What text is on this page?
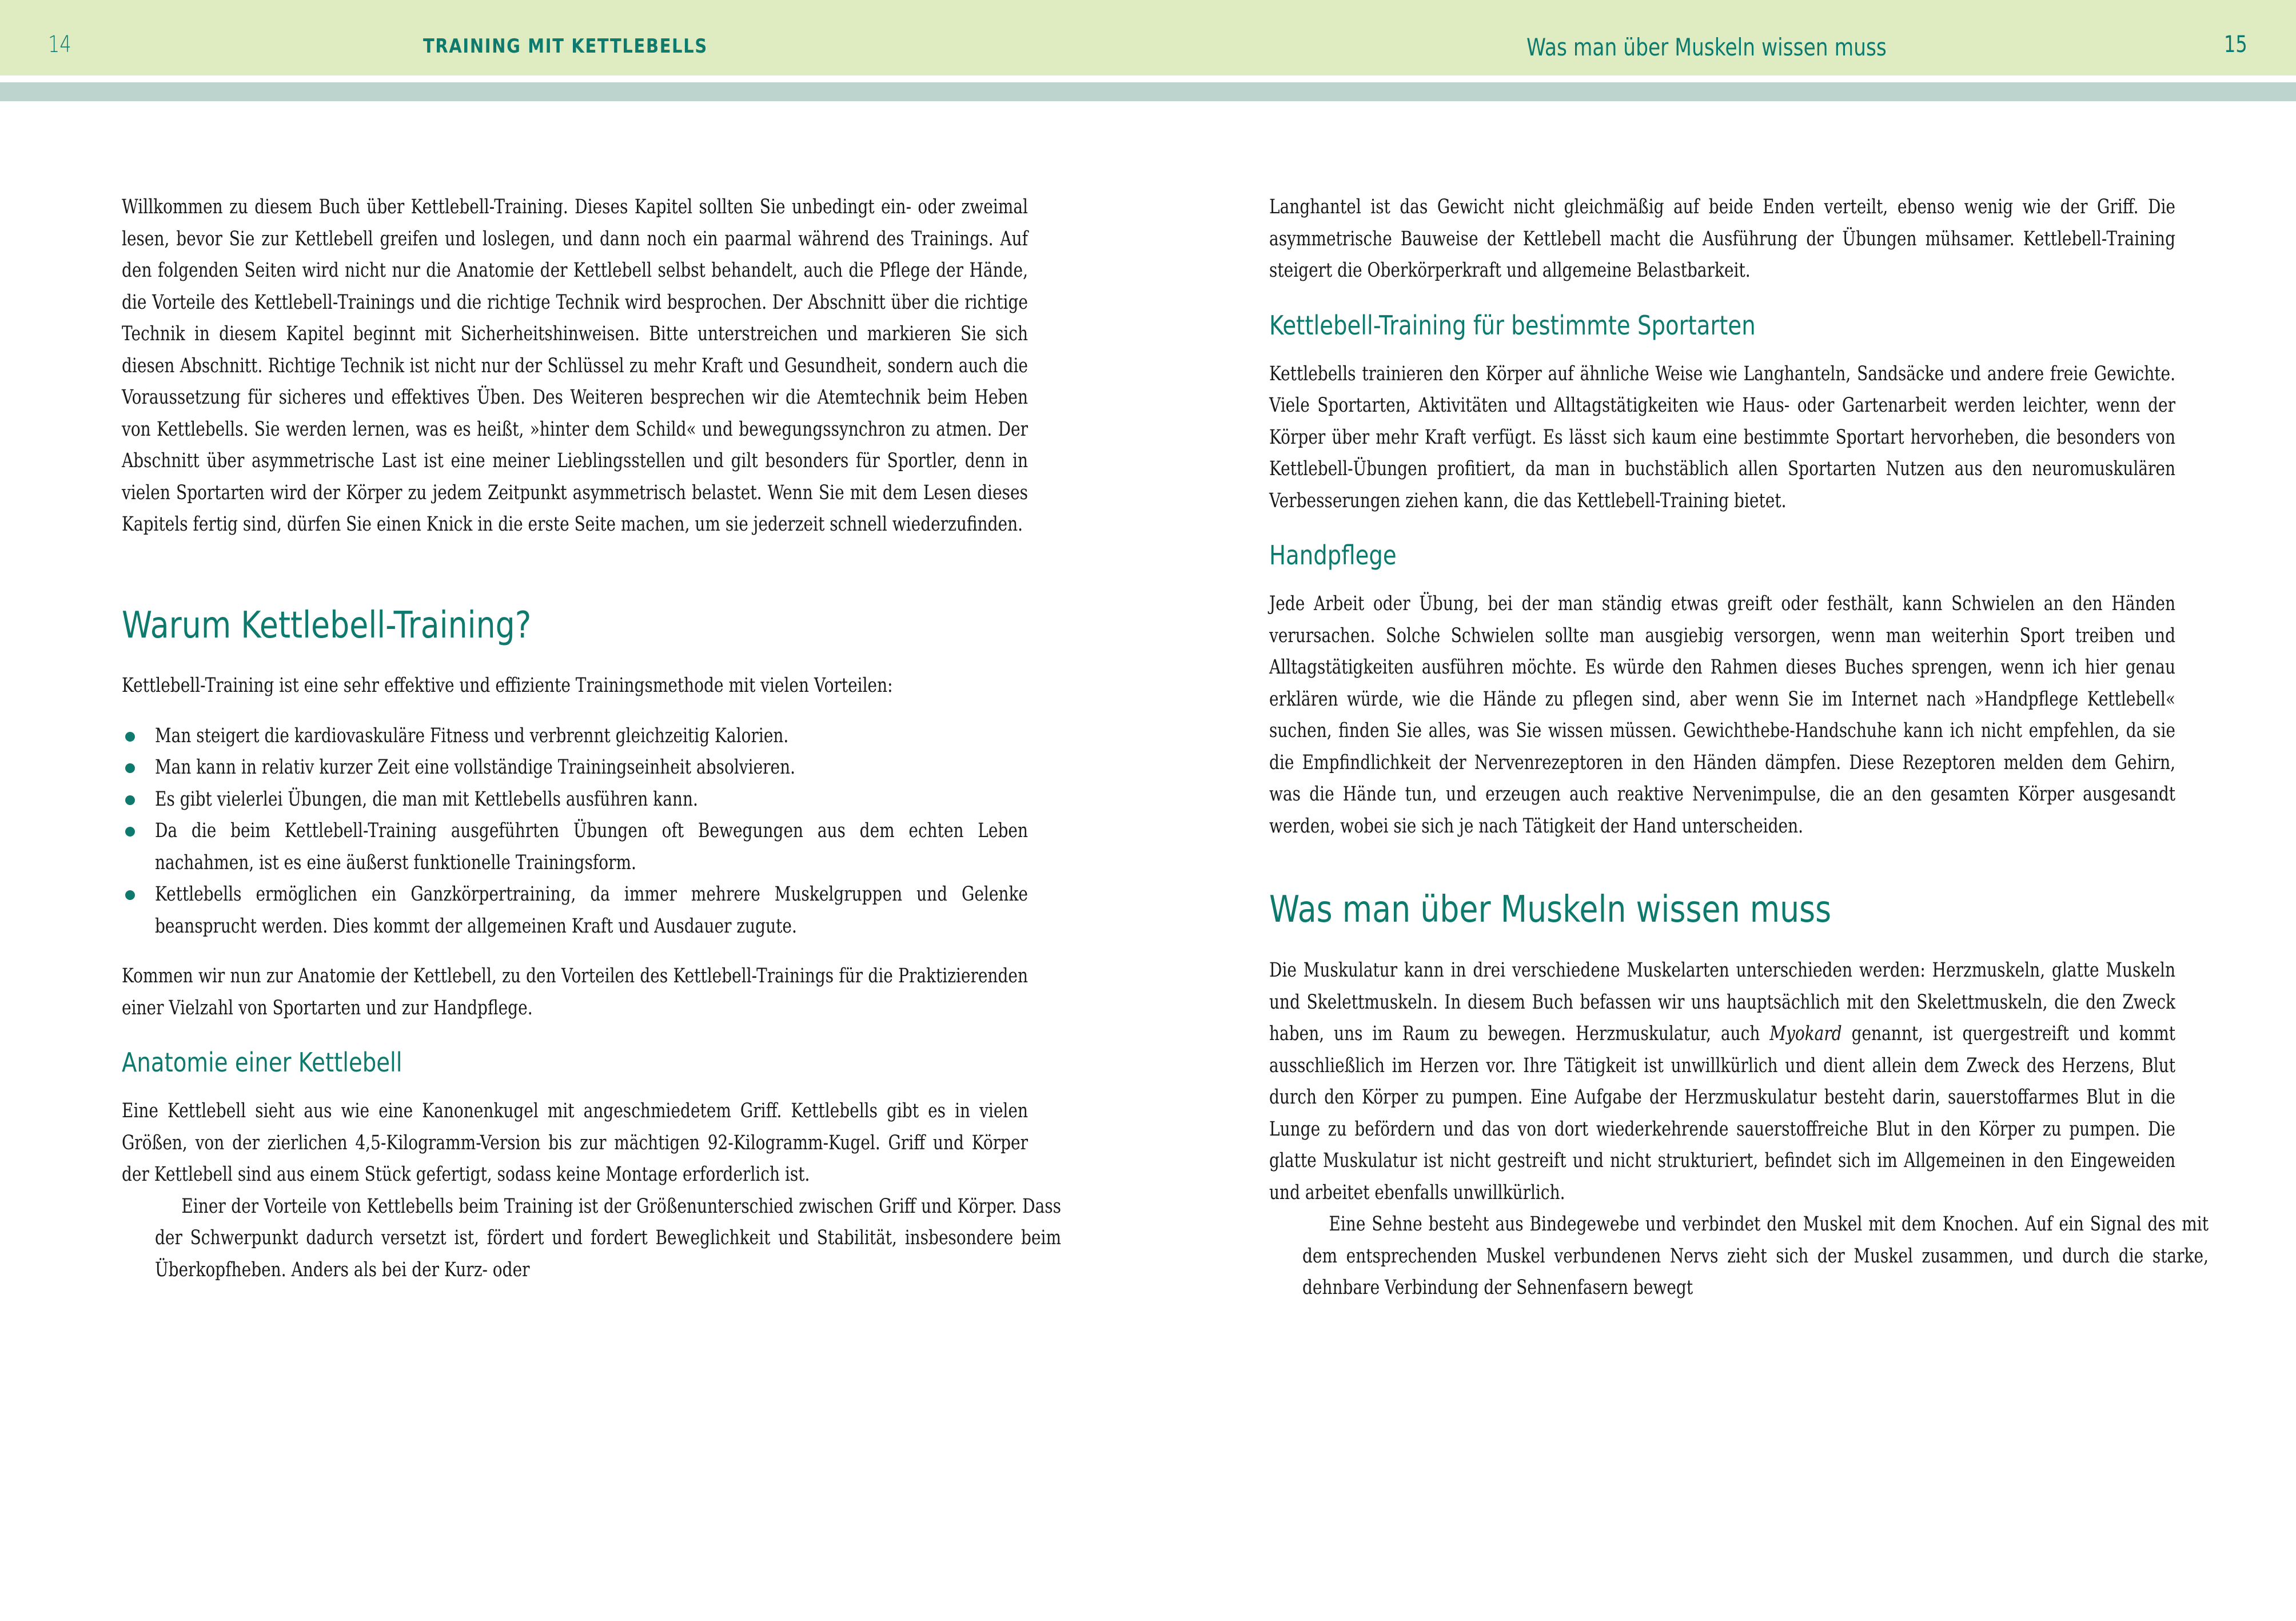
14	TRAINING MIT KETTLEBELLS	Was man über Muskeln wissen muss	15

Willkommen zu diesem Buch über Kettlebell-Training. Dieses Kapitel sollten Sie unbedingt ein- oder zweimal lesen, bevor Sie zur Kettlebell greifen und loslegen, und dann noch ein paarmal während des Trainings. Auf den folgenden Seiten wird nicht nur die Anatomie der Kettlebell selbst behandelt, auch die Pflege der Hände, die Vorteile des Kettlebell-Trainings und die richtige Technik wird besprochen. Der Abschnitt über die richtige Technik in diesem Kapitel beginnt mit Sicherheitshinweisen. Bitte unterstreichen und markieren Sie sich diesen Abschnitt. Richtige Technik ist nicht nur der Schlüssel zu mehr Kraft und Gesundheit, sondern auch die Voraussetzung für sicheres und effektives Üben. Des Weiteren besprechen wir die Atemtechnik beim Heben von Kettlebells. Sie werden lernen, was es heißt, »hinter dem Schild« und bewegungssynchron zu atmen. Der Abschnitt über asymmetrische Last ist eine meiner Lieblingsstellen und gilt besonders für Sportler, denn in vielen Sportarten wird der Körper zu jedem Zeitpunkt asymmetrisch belastet. Wenn Sie mit dem Lesen dieses Kapitels fertig sind, dürfen Sie einen Knick in die erste Seite machen, um sie jederzeit schnell wiederzufinden.

Warum Kettlebell-Training?

Kettlebell-Training ist eine sehr effektive und effiziente Trainingsmethode mit vielen Vorteilen:

Man steigert die kardiovaskuläre Fitness und verbrennt gleichzeitig Kalorien.

Man kann in relativ kurzer Zeit eine vollständige Trainingseinheit absolvieren.

Es gibt vielerlei Übungen, die man mit Kettlebells ausführen kann.

Da die beim Kettlebell-Training ausgeführten Übungen oft Bewegungen aus dem echten Leben nachahmen, ist es eine äußerst funktionelle Trainingsform.

Kettlebells ermöglichen ein Ganzkörpertraining, da immer mehrere Muskelgruppen und Gelenke beansprucht werden. Dies kommt der allgemeinen Kraft und Ausdauer zugute.

Kommen wir nun zur Anatomie der Kettlebell, zu den Vorteilen des Kettlebell-Trainings für die Praktizierenden einer Vielzahl von Sportarten und zur Handpflege.

Anatomie einer Kettlebell

Eine Kettlebell sieht aus wie eine Kanonenkugel mit angeschmiedetem Griff. Kettlebells gibt es in vielen Größen, von der zierlichen 4,5-Kilogramm-Version bis zur mächtigen 92-Kilogramm-Kugel. Griff und Körper der Kettlebell sind aus einem Stück gefertigt, sodass keine Montage erforderlich ist.

Einer der Vorteile von Kettlebells beim Training ist der Größenunterschied zwischen Griff und Körper. Dass der Schwerpunkt dadurch versetzt ist, fördert und fordert Beweglichkeit und Stabilität, insbesondere beim Überkopfheben. Anders als bei der Kurz- oder

Langhantel ist das Gewicht nicht gleichmäßig auf beide Enden verteilt, ebenso wenig wie der Griff. Die asymmetrische Bauweise der Kettlebell macht die Ausführung der Übungen mühsamer. Kettlebell-Training steigert die Oberkörperkraft und allgemeine Belastbarkeit.

Kettlebell-Training für bestimmte Sportarten

Kettlebells trainieren den Körper auf ähnliche Weise wie Langhanteln, Sandsäcke und andere freie Gewichte. Viele Sportarten, Aktivitäten und Alltagstätigkeiten wie Haus- oder Gartenarbeit werden leichter, wenn der Körper über mehr Kraft verfügt. Es lässt sich kaum eine bestimmte Sportart hervorheben, die besonders von Kettlebell-Übungen profitiert, da man in buchstäblich allen Sportarten Nutzen aus den neuromuskulären Verbesserungen ziehen kann, die das Kettlebell-Training bietet.

Handpflege

Jede Arbeit oder Übung, bei der man ständig etwas greift oder festhält, kann Schwielen an den Händen verursachen. Solche Schwielen sollte man ausgiebig versorgen, wenn man weiterhin Sport treiben und Alltagstätigkeiten ausführen möchte. Es würde den Rahmen dieses Buches sprengen, wenn ich hier genau erklären würde, wie die Hände zu pflegen sind, aber wenn Sie im Internet nach »Handpflege Kettlebell« suchen, finden Sie alles, was Sie wissen müssen. Gewichthebe-Handschuhe kann ich nicht empfehlen, da sie die Empfindlichkeit der Nervenrezeptoren in den Händen dämpfen. Diese Rezeptoren melden dem Gehirn, was die Hände tun, und erzeugen auch reaktive Nervenimpulse, die an den gesamten Körper ausgesandt werden, wobei sie sich je nach Tätigkeit der Hand unterscheiden.

Was man über Muskeln wissen muss

Die Muskulatur kann in drei verschiedene Muskelarten unterschieden werden: Herzmuskeln, glatte Muskeln und Skelettmuskeln. In diesem Buch befassen wir uns hauptsächlich mit den Skelettmuskeln, die den Zweck haben, uns im Raum zu bewegen. Herzmuskulatur, auch Myokard genannt, ist quergestreift und kommt ausschließlich im Herzen vor. Ihre Tätigkeit ist unwillkürlich und dient allein dem Zweck des Herzens, Blut durch den Körper zu pumpen. Eine Aufgabe der Herzmuskulatur besteht darin, sauerstoffarmes Blut in die Lunge zu befördern und das von dort wiederkehrende sauerstoffreiche Blut in den Körper zu pumpen. Die glatte Muskulatur ist nicht gestreift und nicht strukturiert, befindet sich im Allgemeinen in den Eingeweiden und arbeitet ebenfalls unwillkürlich.

Eine Sehne besteht aus Bindegewebe und verbindet den Muskel mit dem Knochen. Auf ein Signal des mit dem entsprechenden Muskel verbundenen Nervs zieht sich der Muskel zusammen, und durch die starke, dehnbare Verbindung der Sehnenfasern bewegt
